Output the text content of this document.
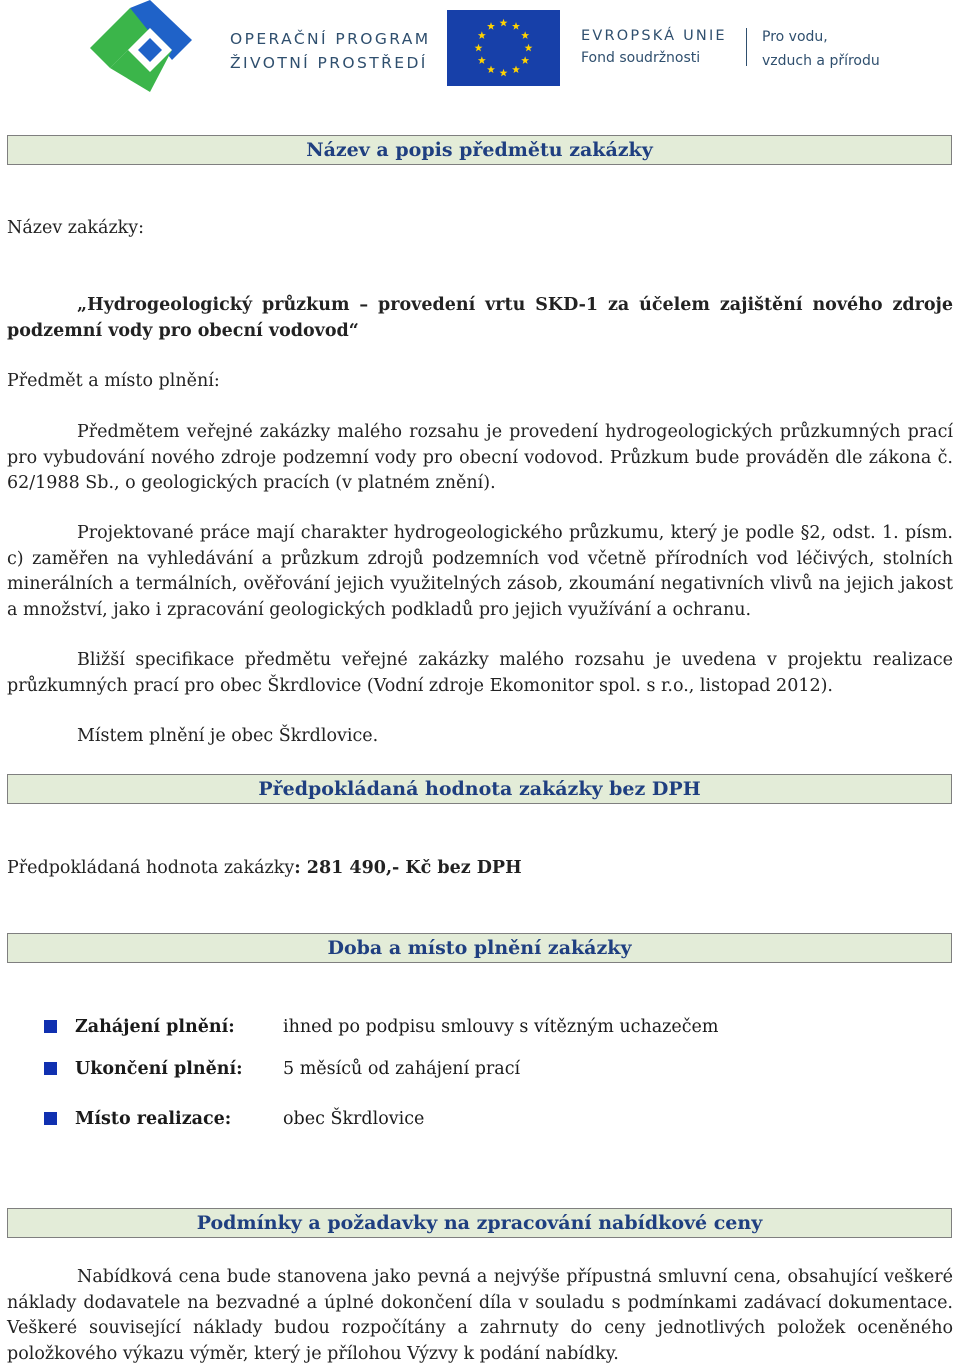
OPERAČNÍ PROGRAM
ŽIVOTNÍ PROSTŘEDÍ
EVROPSKÁ UNIE
Fond soudržnosti
Pro vodu,
vzduch a přírodu
Název a popis předmětu zakázky
Název zakázky:
„Hydrogeologický průzkum – provedení vrtu SKD-1 za účelem zajištění nového zdroje podzemní vody pro obecní vodovod“
Předmět a místo plnění:
Předmětem veřejné zakázky malého rozsahu je provedení hydrogeologických průzkumných prací pro vybudování nového zdroje podzemní vody pro obecní vodovod. Průzkum bude prováděn dle zákona č. 62/1988 Sb., o geologických pracích (v platném znění).
Projektované práce mají charakter hydrogeologického průzkumu, který je podle §2, odst. 1. písm. c) zaměřen na vyhledávání a průzkum zdrojů podzemních vod včetně přírodních vod léčivých, stolních minerálních a termálních, ověřování jejich využitelných zásob, zkoumání negativních vlivů na jejich jakost a množství, jako i zpracování geologických podkladů pro jejich využívání a ochranu.
Bližší specifikace předmětu veřejné zakázky malého rozsahu je uvedena v projektu realizace průzkumných prací pro obec Škrdlovice (Vodní zdroje Ekomonitor spol. s r.o., listopad 2012).
Místem plnění je obec Škrdlovice.
Předpokládaná hodnota zakázky bez DPH
Předpokládaná hodnota zakázky: 281 490,- Kč bez DPH
Doba a místo plnění zakázky
Zahájení plnění:	ihned po podpisu smlouvy s vítězným uchazečem
Ukončení plnění: 5 měsíců od zahájení prací
Místo realizace:	obec Škrdlovice
Podmínky a požadavky na zpracování nabídkové ceny
Nabídková cena bude stanovena jako pevná a nejvýše přípustná smluvní cena, obsahující veškeré náklady dodavatele na bezvadné a úplné dokončení díla v souladu s podmínkami zadávací dokumentace. Veškeré související náklady budou rozpočítány a zahrnuty do ceny jednotlivých položek oceněného položkového výkazu výměr, který je přílohou Výzvy k podání nabídky.
